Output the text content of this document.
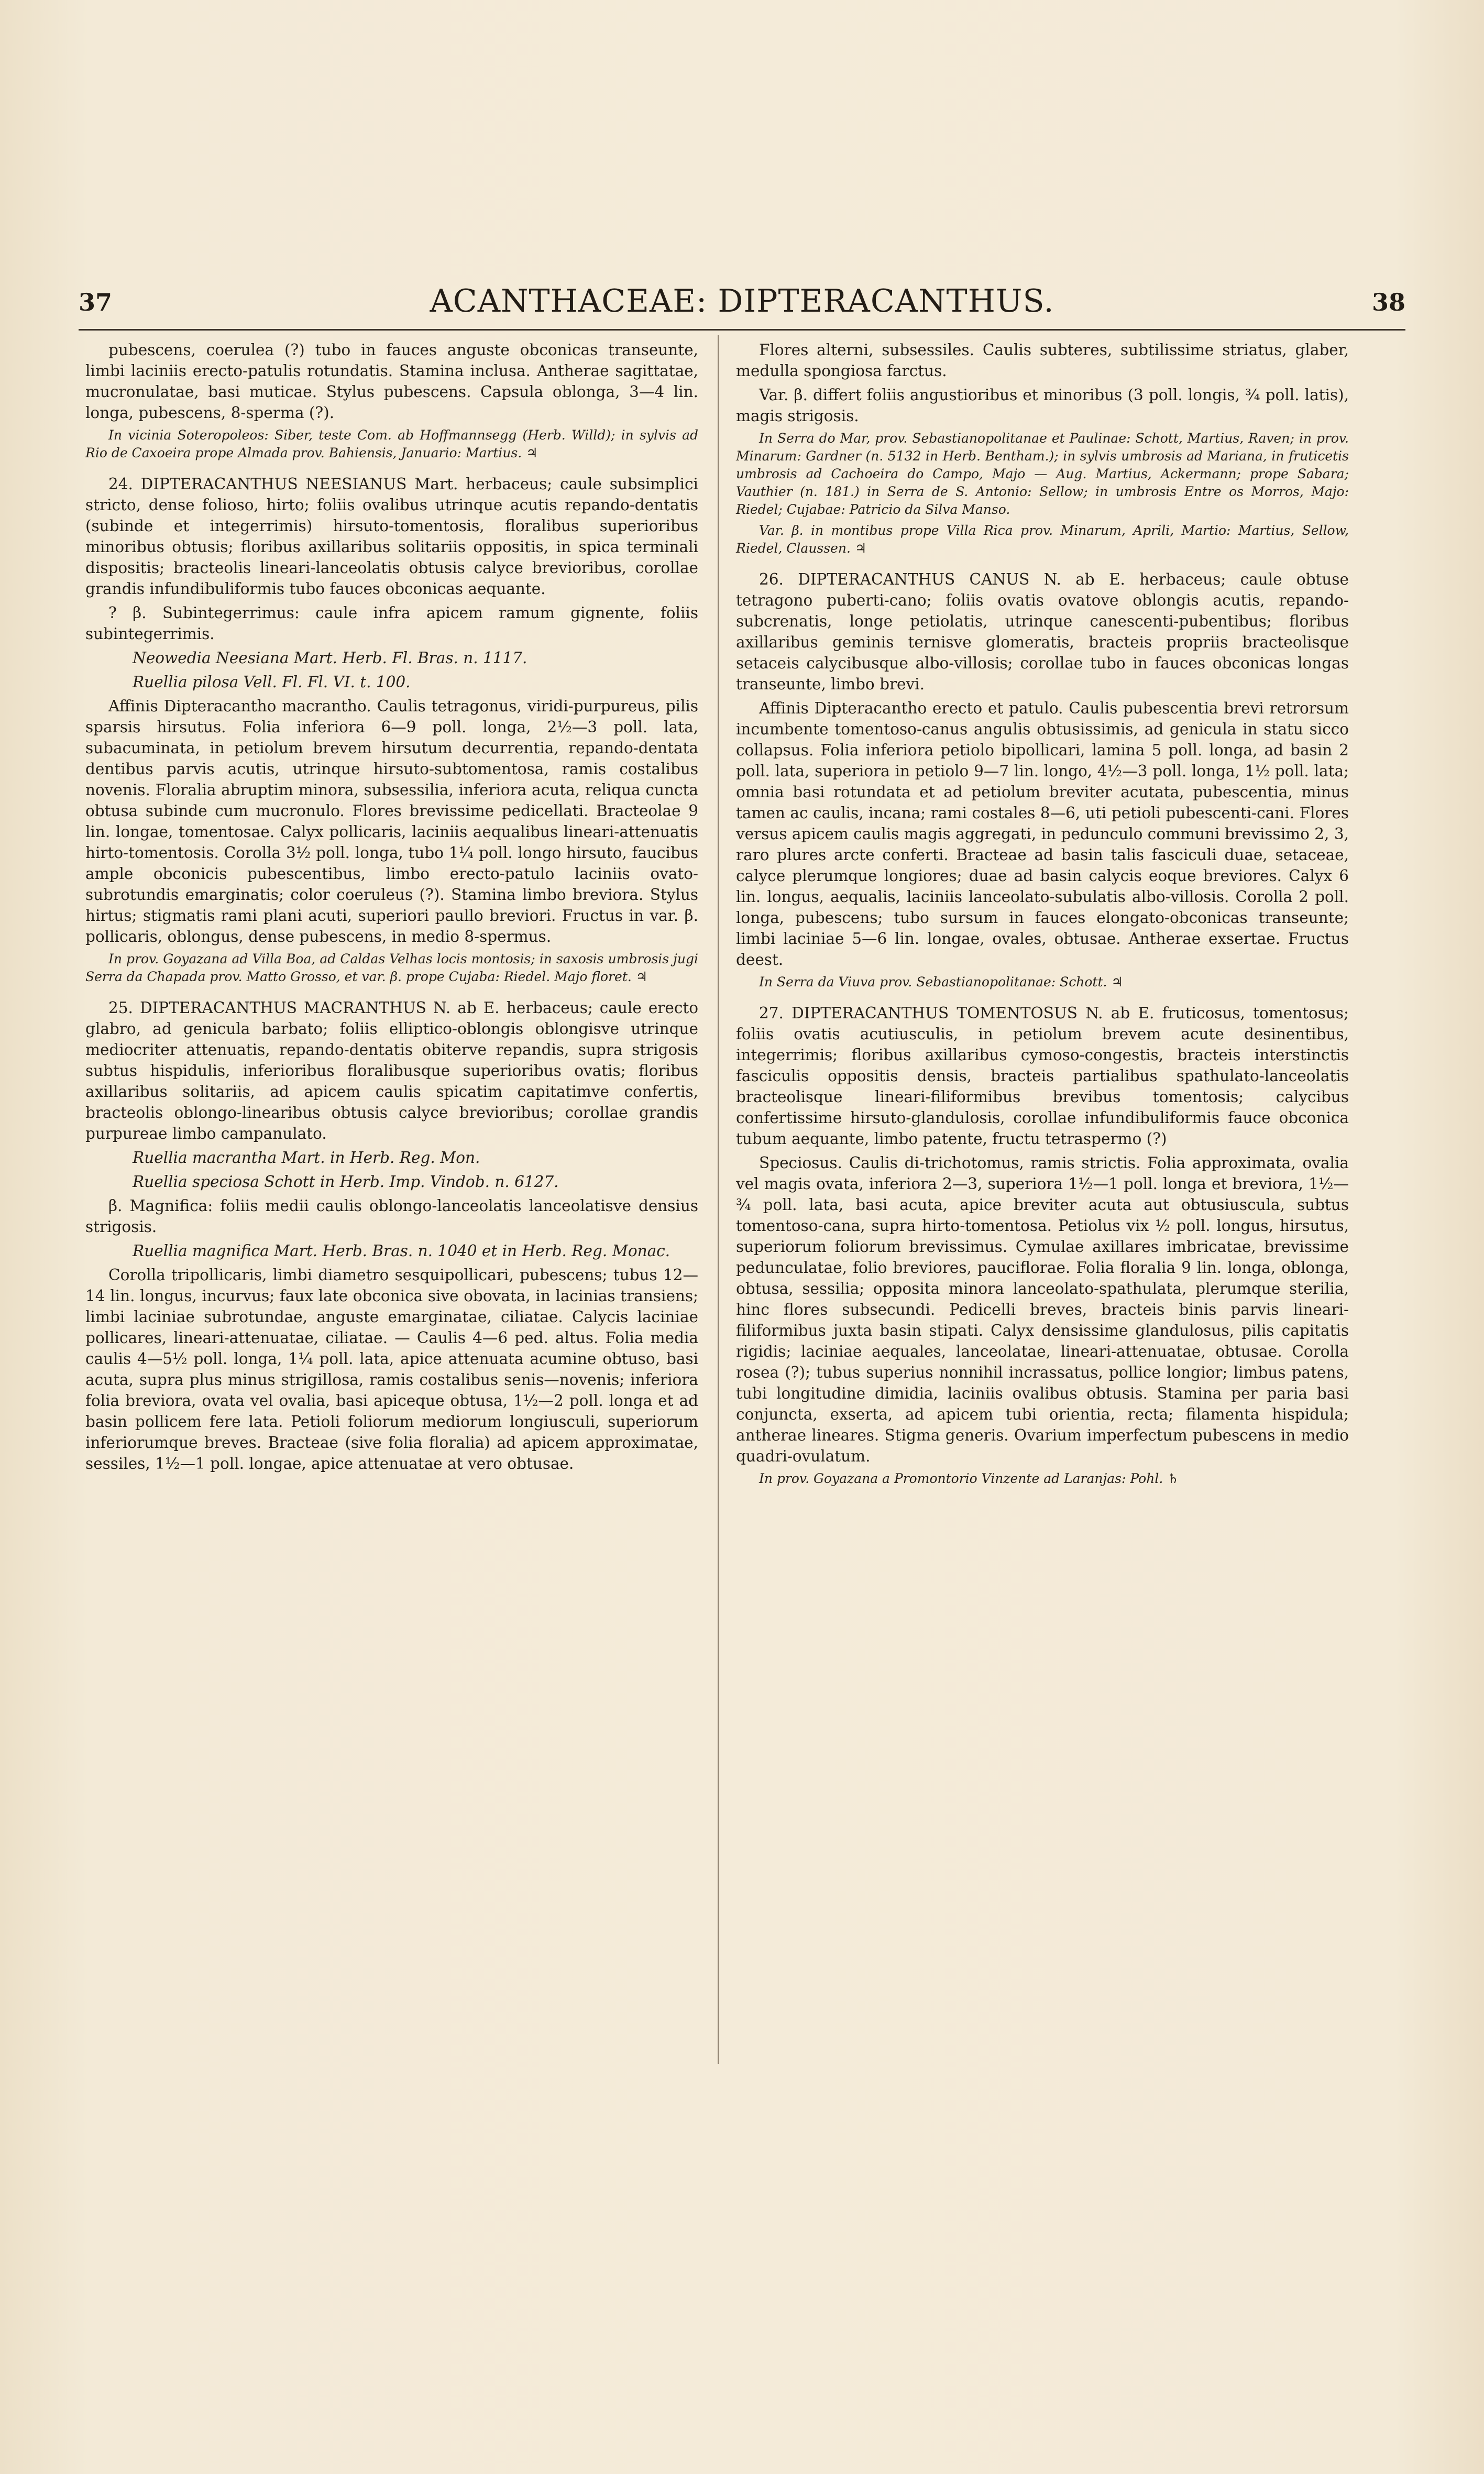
37	ACANTHACEAE: DIPTERACANTHUS.	38

pubescens, coerulea (?) tubo in fauces anguste obconicas transeunte, limbi laciniis erecto-patulis rotundatis. Stamina inclusa. Antherae sagittatae, mucronulatae, basi muticae. Stylus pubescens. Capsula oblonga, 3—4 lin. longa, pubescens, 8-sperma (?).

In vicinia Soteropoleos: Siber, teste Com. ab Hoffmannsegg (Herb. Willd); in sylvis ad Rio de Caxoeira prope Almada prov. Bahiensis, Januario: Martius. ♃

24. DIPTERACANTHUS NEESIANUS Mart. herbaceus; caule subsimplici stricto, dense folioso, hirto; foliis ovalibus utrinque acutis repando-dentatis (subinde et integerrimis) hirsuto-tomentosis, floralibus superioribus minoribus obtusis; floribus axillaribus solitariis oppositis, in spica terminali dispositis; bracteolis lineari-lanceolatis obtusis calyce brevioribus, corollae grandis infundibuliformis tubo fauces obconicas aequante.

? β. Subintegerrimus: caule infra apicem ramum gignente, foliis subintegerrimis.

Neowedia Neesiana Mart. Herb. Fl. Bras. n. 1117.

Ruellia pilosa Vell. Fl. Fl. VI. t. 100.

Affinis Dipteracantho macrantho. Caulis tetragonus, viridi-purpureus, pilis sparsis hirsutus. Folia inferiora 6—9 poll. longa, 2½—3 poll. lata, subacuminata, in petiolum brevem hirsutum decurrentia, repando-dentata dentibus parvis acutis, utrinque hirsuto-subtomentosa, ramis costalibus novenis. Floralia abruptim minora, subsessilia, inferiora acuta, reliqua cuncta obtusa subinde cum mucronulo. Flores brevissime pedicellati. Bracteolae 9 lin. longae, tomentosae. Calyx pollicaris, laciniis aequalibus lineari-attenuatis hirto-tomentosis. Corolla 3½ poll. longa, tubo 1¼ poll. longo hirsuto, faucibus ample obconicis pubescentibus, limbo erecto-patulo laciniis ovato-subrotundis emarginatis; color coeruleus (?). Stamina limbo breviora. Stylus hirtus; stigmatis rami plani acuti, superiori paullo breviori. Fructus in var. β. pollicaris, oblongus, dense pubescens, in medio 8-spermus.

In prov. Goyazana ad Villa Boa, ad Caldas Velhas locis montosis; in saxosis umbrosis jugi Serra da Chapada prov. Matto Grosso, et var. β. prope Cujaba: Riedel. Majo floret. ♃

25. DIPTERACANTHUS MACRANTHUS N. ab E. herbaceus; caule erecto glabro, ad genicula barbato; foliis elliptico-oblongis oblongisve utrinque mediocriter attenuatis, repando-dentatis obiterve repandis, supra strigosis subtus hispidulis, inferioribus floralibusque superioribus ovatis; floribus axillaribus solitariis, ad apicem caulis spicatim capitatimve confertis, bracteolis oblongo-linearibus obtusis calyce brevioribus; corollae grandis purpureae limbo campanulato.

Ruellia macrantha Mart. in Herb. Reg. Mon.

Ruellia speciosa Schott in Herb. Imp. Vindob. n. 6127.

β. Magnifica: foliis medii caulis oblongo-lanceolatis lanceolatisve densius strigosis.

Ruellia magnifica Mart. Herb. Bras. n. 1040 et in Herb. Reg. Monac.

Corolla tripollicaris, limbi diametro sesquipollicari, pubescens; tubus 12—14 lin. longus, incurvus; faux late obconica sive obovata, in lacinias transiens; limbi laciniae subrotundae, anguste emarginatae, ciliatae. Calycis laciniae pollicares, lineari-attenuatae, ciliatae. — Caulis 4—6 ped. altus. Folia media caulis 4—5½ poll. longa, 1¼ poll. lata, apice attenuata acumine obtuso, basi acuta, supra plus minus strigillosa, ramis costalibus senis—novenis; inferiora folia breviora, ovata vel ovalia, basi apiceque obtusa, 1½—2 poll. longa et ad basin pollicem fere lata. Petioli foliorum mediorum longiusculi, superiorum inferiorumque breves. Bracteae (sive folia floralia) ad apicem approximatae, sessiles, 1½—1 poll. longae, apice attenuatae at vero obtusae.

Flores alterni, subsessiles. Caulis subteres, subtilissime striatus, glaber, medulla spongiosa farctus.

Var. β. differt foliis angustioribus et minoribus (3 poll. longis, ¾ poll. latis), magis strigosis.

In Serra do Mar, prov. Sebastianopolitanae et Paulinae: Schott, Martius, Raven; in prov. Minarum: Gardner (n. 5132 in Herb. Bentham.); in sylvis umbrosis ad Mariana, in fruticetis umbrosis ad Cachoeira do Campo, Majo — Aug. Martius, Ackermann; prope Sabara; Vauthier (n. 181.) in Serra de S. Antonio: Sellow; in umbrosis Entre os Morros, Majo: Riedel; Cujabae: Patricio da Silva Manso.

Var. β. in montibus prope Villa Rica prov. Minarum, Aprili, Martio: Martius, Sellow, Riedel, Claussen. ♃

26. DIPTERACANTHUS CANUS N. ab E. herbaceus; caule obtuse tetragono puberti-cano; foliis ovatis ovatove oblongis acutis, repando-subcrenatis, longe petiolatis, utrinque canescenti-pubentibus; floribus axillaribus geminis ternisve glomeratis, bracteis propriis bracteolisque setaceis calycibusque albo-villosis; corollae tubo in fauces obconicas longas transeunte, limbo brevi.

Affinis Dipteracantho erecto et patulo. Caulis pubescentia brevi retrorsum incumbente tomentoso-canus angulis obtusissimis, ad genicula in statu sicco collapsus. Folia inferiora petiolo bipollicari, lamina 5 poll. longa, ad basin 2 poll. lata, superiora in petiolo 9—7 lin. longo, 4½—3 poll. longa, 1½ poll. lata; omnia basi rotundata et ad petiolum breviter acutata, pubescentia, minus tamen ac caulis, incana; rami costales 8—6, uti petioli pubescenti-cani. Flores versus apicem caulis magis aggregati, in pedunculo communi brevissimo 2, 3, raro plures arcte conferti. Bracteae ad basin talis fasciculi duae, setaceae, calyce plerumque longiores; duae ad basin calycis eoque breviores. Calyx 6 lin. longus, aequalis, laciniis lanceolato-subulatis albo-villosis. Corolla 2 poll. longa, pubescens; tubo sursum in fauces elongato-obconicas transeunte; limbi laciniae 5—6 lin. longae, ovales, obtusae. Antherae exsertae. Fructus deest.

In Serra da Viuva prov. Sebastianopolitanae: Schott. ♃

27. DIPTERACANTHUS TOMENTOSUS N. ab E. fruticosus, tomentosus; foliis ovatis acutiusculis, in petiolum brevem acute desinentibus, integerrimis; floribus axillaribus cymoso-congestis, bracteis interstinctis fasciculis oppositis densis, bracteis partialibus spathulato-lanceolatis bracteolisque lineari-filiformibus brevibus tomentosis; calycibus confertissime hirsuto-glandulosis, corollae infundibuliformis fauce obconica tubum aequante, limbo patente, fructu tetraspermo (?)

Speciosus. Caulis di-trichotomus, ramis strictis. Folia approximata, ovalia vel magis ovata, inferiora 2—3, superiora 1½—1 poll. longa et breviora, 1½—¾ poll. lata, basi acuta, apice breviter acuta aut obtusiuscula, subtus tomentoso-cana, supra hirto-tomentosa. Petiolus vix ½ poll. longus, hirsutus, superiorum foliorum brevissimus. Cymulae axillares imbricatae, brevissime pedunculatae, folio breviores, pauciflorae. Folia floralia 9 lin. longa, oblonga, obtusa, sessilia; opposita minora lanceolato-spathulata, plerumque sterilia, hinc flores subsecundi. Pedicelli breves, bracteis binis parvis lineari-filiformibus juxta basin stipati. Calyx densissime glandulosus, pilis capitatis rigidis; laciniae aequales, lanceolatae, lineari-attenuatae, obtusae. Corolla rosea (?); tubus superius nonnihil incrassatus, pollice longior; limbus patens, tubi longitudine dimidia, laciniis ovalibus obtusis. Stamina per paria basi conjuncta, exserta, ad apicem tubi orientia, recta; filamenta hispidula; antherae lineares. Stigma generis. Ovarium imperfectum pubescens in medio quadri-ovulatum.

In prov. Goyazana a Promontorio Vinzente ad Laranjas: Pohl. ♄
